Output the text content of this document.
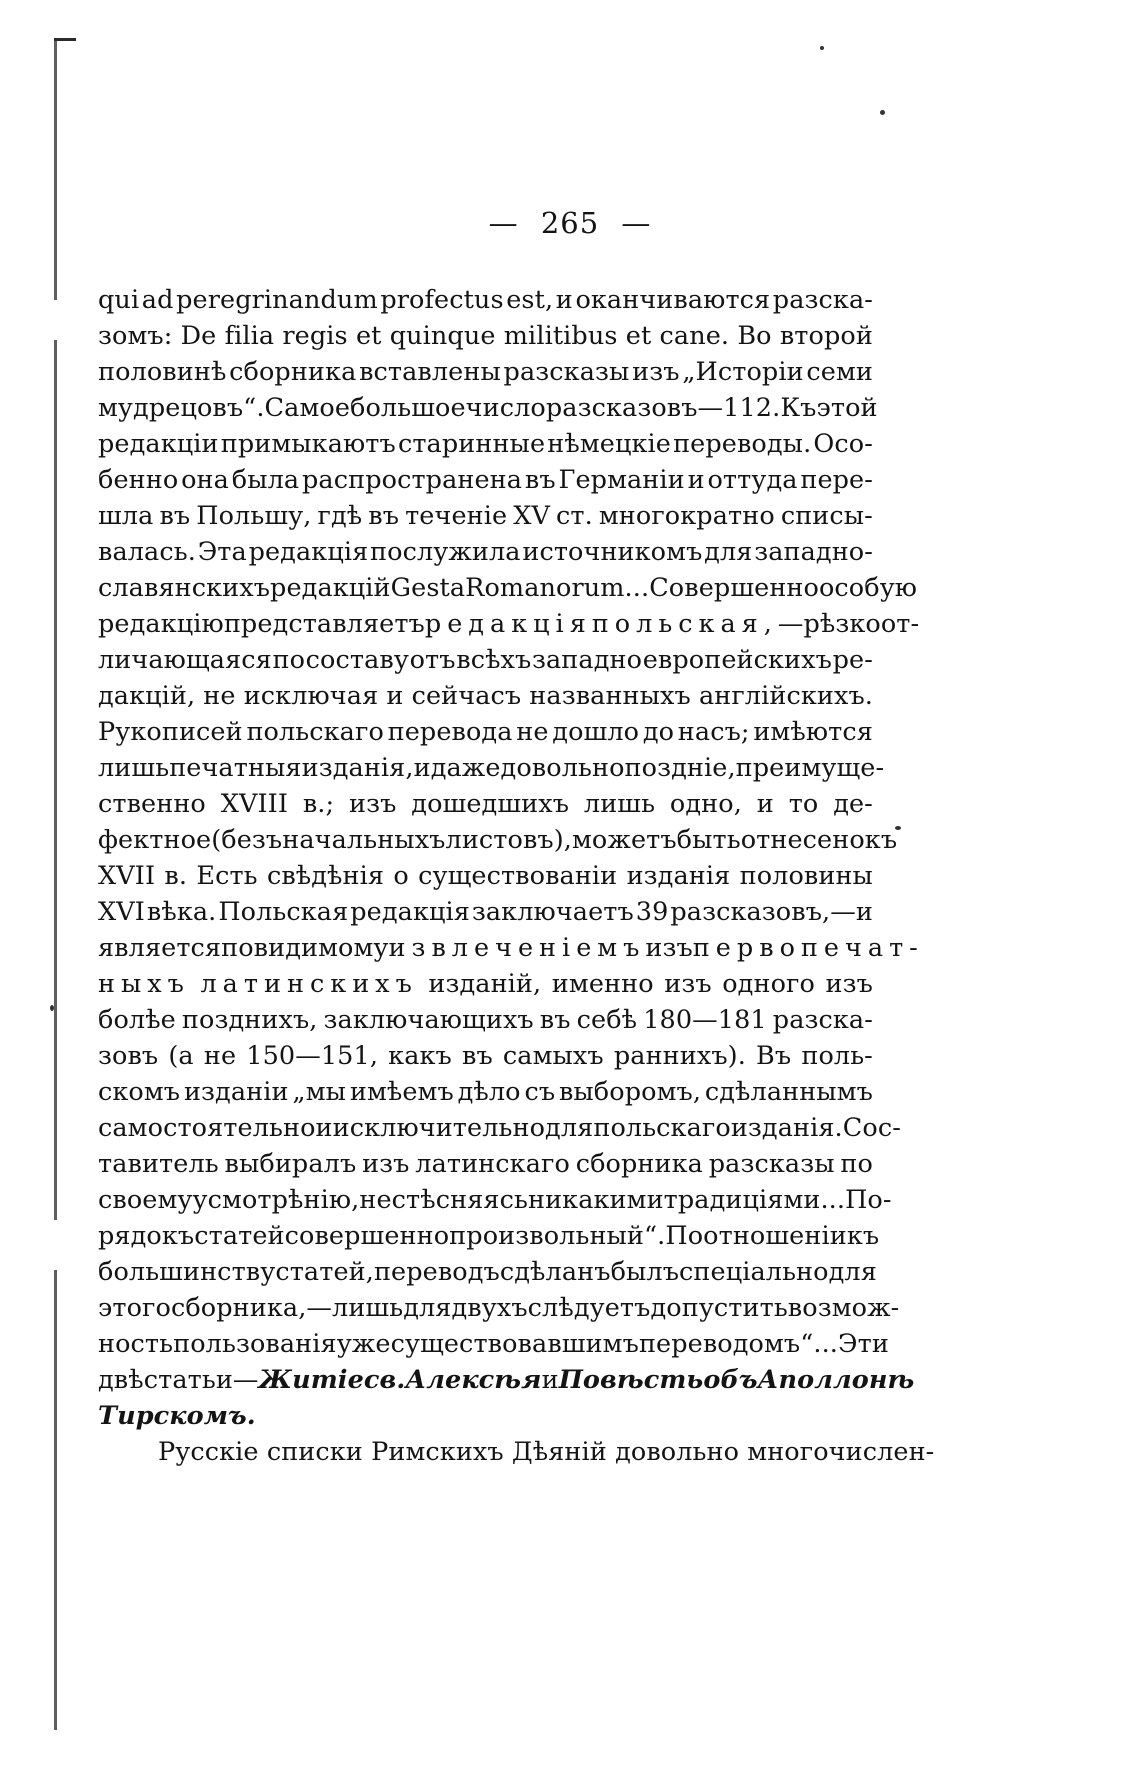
— 265 —
qui ad peregrinandum profectus est, и оканчиваются разска-
зомъ: De filia regis et quinque militibus et cane. Во второй
половинѣ сборника вставлены разсказы изъ „Исторіи семи
мудрецовъ“. Самое большое число разсказовъ—112. Къ этой
редакціи примыкаютъ старинные нѣмецкіе переводы. Осо-
бенно она была распространена въ Германіи и оттуда пере-
шла въ Польшу, гдѣ въ теченіе XV ст. многократно списы-
валась. Эта редакція послужила источникомъ для западно-
славянскихъ редакцій Gesta Romanorum... Совершенно особую
редакцію представляетъ редакція польская,—рѣзко от-
личающаяся по составу отъ всѣхъ западно европейскихъ ре-
дакцій, не исключая и сейчасъ названныхъ англійскихъ.
Рукописей польскаго перевода не дошло до насъ; имѣются
лишь печатныя изданія, и даже довольно поздніе, преимуще-
ственно XVIII в.; изъ дошедшихъ лишь одно, и то де-
фектное (безъ начальныхъ листовъ), можетъ быть отнесено къ
XVII в. Есть свѣдѣнія о существованіи изданія половины
XVI вѣка. Польская редакція заключаетъ 39 разсказовъ,—и
является повидимому извлеченіемъ изъ первопечат-
ныхъ латинскихъ изданій, именно изъ одного изъ
болѣе позднихъ, заключающихъ въ себѣ 180—181 разска-
зовъ (а не 150—151, какъ въ самыхъ раннихъ). Въ поль-
скомъ изданіи „мы имѣемъ дѣло съ выборомъ, сдѣланнымъ
самостоятельно и исключительно для польскаго изданія. Сос-
тавитель выбиралъ изъ латинскаго сборника разсказы по
своему усмотрѣнію, не стѣсняясь никакими традиціями... По-
рядокъ статей совершенно произвольный“. По отношенiи къ
большинству статей, переводъ сдѣланъ былъ спеціально для
этого сборника,—лишь для двухъ слѣдуетъ допустить возмож-
ность пользованія уже существовавшимъ переводомъ“... Эти
двѣ статьи—Житіе св. Алексѣя и Повѣсть объ Аполлонѣ
Тирскомъ.
Русскіе списки Римскихъ Дѣяній довольно многочислен-
